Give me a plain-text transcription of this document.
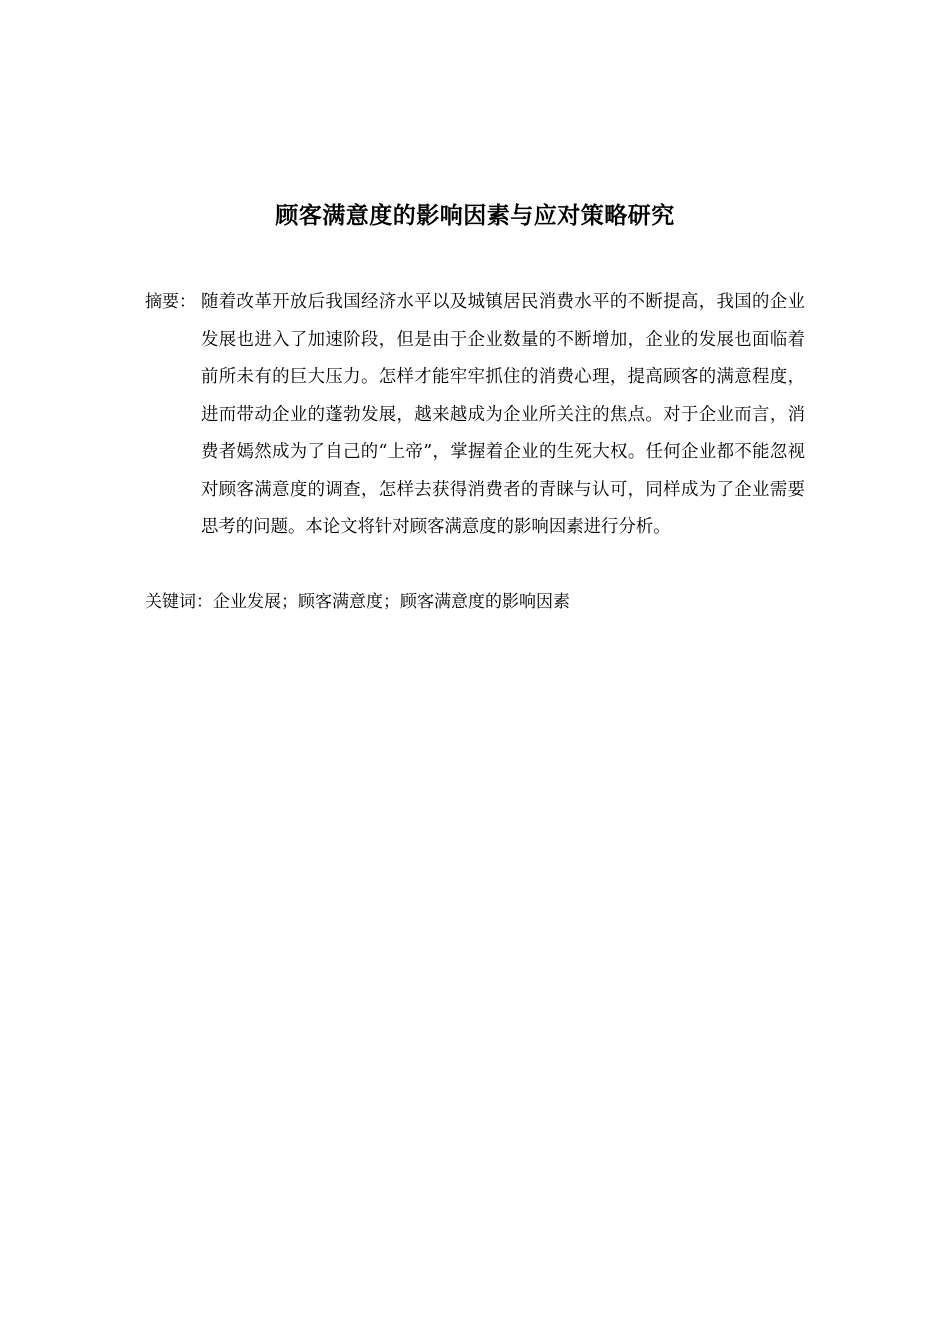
顾客满意度的影响因素与应对策略研究
摘要： 随着改革开放后我国经济水平以及城镇居民消费水平的不断提高，我国的企业发展也进入了加速阶段，但是由于企业数量的不断增加，企业的发展也面临着前所未有的巨大压力。怎样才能牢牢抓住的消费心理，提高顾客的满意程度，进而带动企业的蓬勃发展，越来越成为企业所关注的焦点。对于企业而言，消费者嫣然成为了自己的“上帝”，掌握着企业的生死大权。任何企业都不能忽视对顾客满意度的调查，怎样去获得消费者的青睐与认可，同样成为了企业需要思考的问题。本论文将针对顾客满意度的影响因素进行分析。
关键词：企业发展；顾客满意度；顾客满意度的影响因素
